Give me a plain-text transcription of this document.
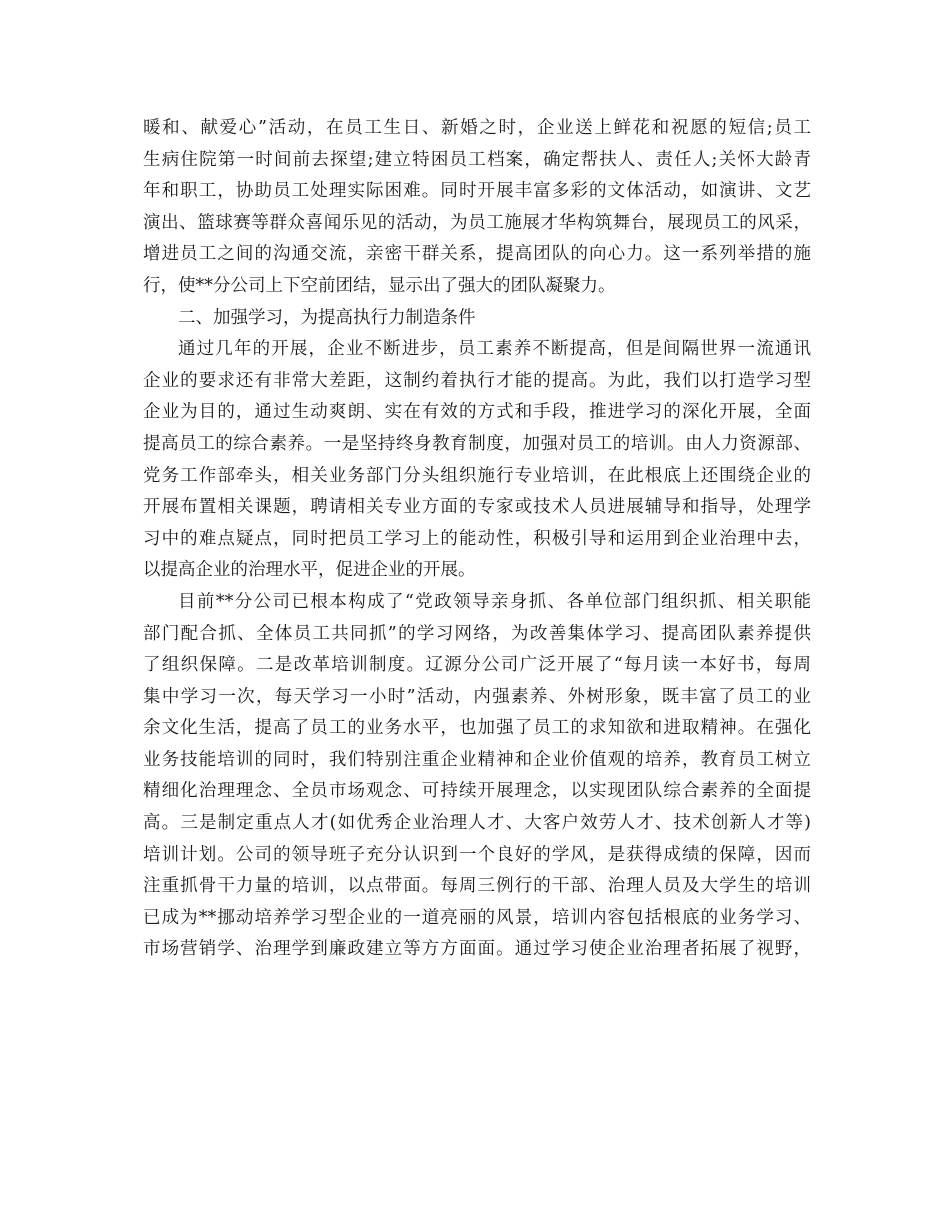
暖和、献爱心”活动，在员工生日、新婚之时，企业送上鲜花和祝愿的短信;员工
生病住院第一时间前去探望;建立特困员工档案，确定帮扶人、责任人;关怀大龄青
年和职工，协助员工处理实际困难。同时开展丰富多彩的文体活动，如演讲、文艺
演出、篮球赛等群众喜闻乐见的活动，为员工施展才华构筑舞台，展现员工的风采，
增进员工之间的沟通交流，亲密干群关系，提高团队的向心力。这一系列举措的施
行，使**分公司上下空前团结，显示出了强大的团队凝聚力。
二、加强学习，为提高执行力制造条件
通过几年的开展，企业不断进步，员工素养不断提高，但是间隔世界一流通讯
企业的要求还有非常大差距，这制约着执行才能的提高。为此，我们以打造学习型
企业为目的，通过生动爽朗、实在有效的方式和手段，推进学习的深化开展，全面
提高员工的综合素养。一是坚持终身教育制度，加强对员工的培训。由人力资源部、
党务工作部牵头，相关业务部门分头组织施行专业培训，在此根底上还围绕企业的
开展布置相关课题，聘请相关专业方面的专家或技术人员进展辅导和指导，处理学
习中的难点疑点，同时把员工学习上的能动性，积极引导和运用到企业治理中去，
以提高企业的治理水平，促进企业的开展。
目前**分公司已根本构成了“党政领导亲身抓、各单位部门组织抓、相关职能
部门配合抓、全体员工共同抓”的学习网络，为改善集体学习、提高团队素养提供
了组织保障。二是改革培训制度。辽源分公司广泛开展了“每月读一本好书，每周
集中学习一次，每天学习一小时”活动，内强素养、外树形象，既丰富了员工的业
余文化生活，提高了员工的业务水平，也加强了员工的求知欲和进取精神。在强化
业务技能培训的同时，我们特别注重企业精神和企业价值观的培养，教育员工树立
精细化治理理念、全员市场观念、可持续开展理念，以实现团队综合素养的全面提
高。三是制定重点人才(如优秀企业治理人才、大客户效劳人才、技术创新人才等)
培训计划。公司的领导班子充分认识到一个良好的学风，是获得成绩的保障，因而
注重抓骨干力量的培训，以点带面。每周三例行的干部、治理人员及大学生的培训
已成为**挪动培养学习型企业的一道亮丽的风景，培训内容包括根底的业务学习、
市场营销学、治理学到廉政建立等方方面面。通过学习使企业治理者拓展了视野，
